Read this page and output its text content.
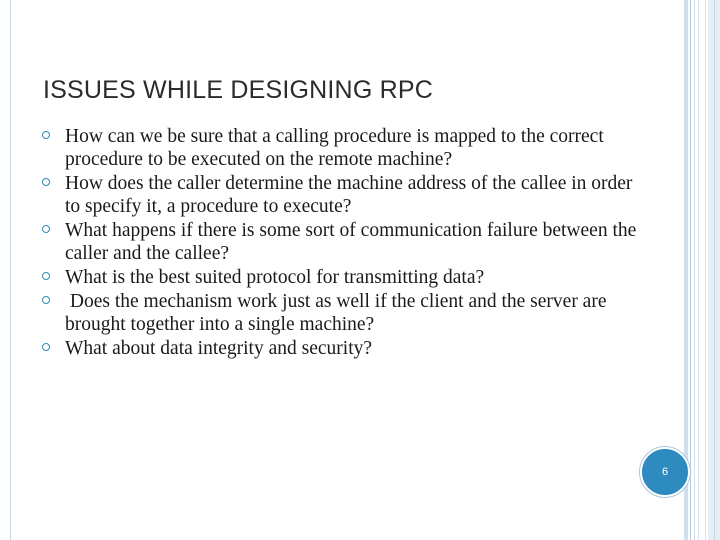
ISSUES WHILE DESIGNING RPC
How can we be sure that a calling procedure is mapped to the correct procedure to be executed on the remote machine?
How does the caller determine the machine address of the callee in order to specify it, a procedure to execute?
What happens if there is some sort of communication failure between the caller and the callee?
What is the best suited protocol for transmitting data?
Does the mechanism work just as well if the client and the server are brought together into a single machine?
What about data integrity and security?
6
